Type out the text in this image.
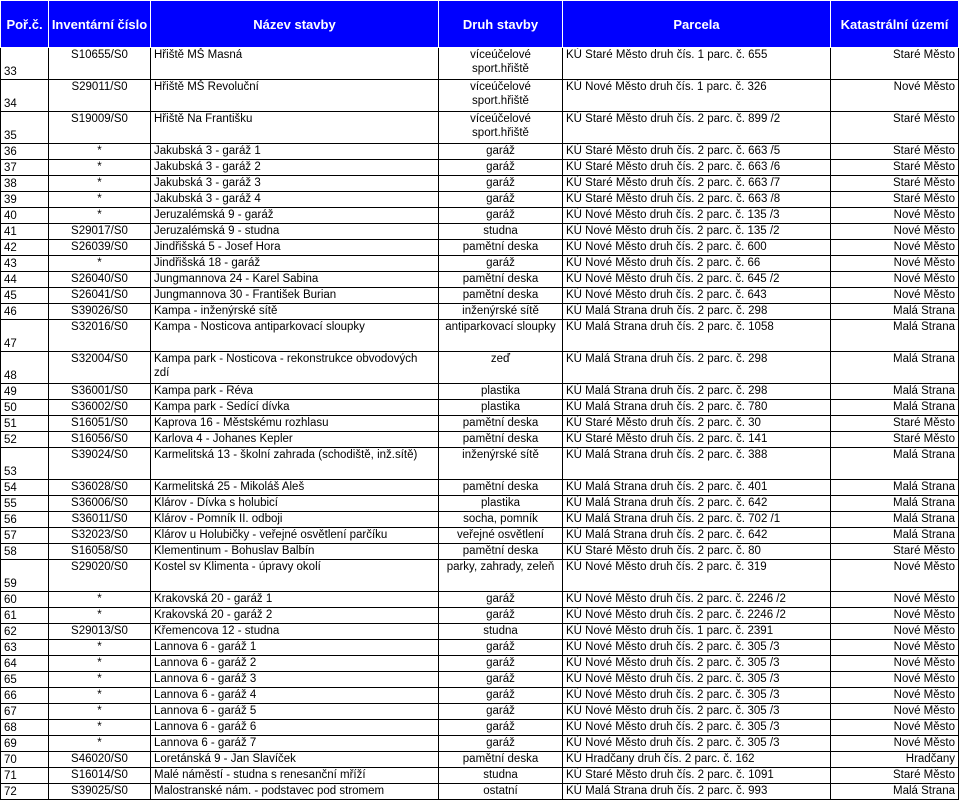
Poř.č.	Inventární číslo	Název stavby	Druh stavby	Parcela	Katastrální území
33	S10655/S0	Hřiště MŠ Masná	víceúčelové sport.hřiště	KÚ Staré Město druh čís. 1 parc. č. 655	Staré Město
34	S29011/S0	Hřiště MŠ Revoluční	víceúčelové sport.hřiště	KÚ Nové Město druh čís. 1 parc. č. 326	Nové Město
35	S19009/S0	Hřiště Na Františku	víceúčelové sport.hřiště	KÚ Staré Město druh čís. 2 parc. č. 899 /2	Staré Město
36	*	Jakubská 3 - garáž 1	garáž	KÚ Staré Město druh čís. 2 parc. č. 663 /5	Staré Město
37	*	Jakubská 3 - garáž 2	garáž	KÚ Staré Město druh čís. 2 parc. č. 663 /6	Staré Město
38	*	Jakubská 3 - garáž 3	garáž	KÚ Staré Město druh čís. 2 parc. č. 663 /7	Staré Město
39	*	Jakubská 3 - garáž 4	garáž	KÚ Staré Město druh čís. 2 parc. č. 663 /8	Staré Město
40	*	Jeruzalémská 9 - garáž	garáž	KÚ Nové Město druh čís. 2 parc. č. 135 /3	Nové Město
41	S29017/S0	Jeruzalémská 9 - studna	studna	KÚ Nové Město druh čís. 2 parc. č. 135 /2	Nové Město
42	S26039/S0	Jindřišská 5 - Josef Hora	pamětní deska	KÚ Nové Město druh čís. 2 parc. č. 600	Nové Město
43	*	Jindřišská 18 - garáž	garáž	KÚ Nové Město druh čís. 2 parc. č. 66	Nové Město
44	S26040/S0	Jungmannova 24 - Karel Sabina	pamětní deska	KÚ Nové Město druh čís. 2 parc. č. 645 /2	Nové Město
45	S26041/S0	Jungmannova 30 - František Burian	pamětní deska	KÚ Nové Město druh čís. 2 parc. č. 643	Nové Město
46	S39026/S0	Kampa - inženýrské sítě	inženýrské sítě	KÚ Malá Strana druh čís. 2 parc. č. 298	Malá Strana
47	S32016/S0	Kampa - Nosticova antiparkovací sloupky	antiparkovací sloupky	KÚ Malá Strana druh čís. 2 parc. č. 1058	Malá Strana
48	S32004/S0	Kampa park - Nosticova - rekonstrukce obvodových zdí	zeď	KÚ Malá Strana druh čís. 2 parc. č. 298	Malá Strana
49	S36001/S0	Kampa park - Réva	plastika	KÚ Malá Strana druh čís. 2 parc. č. 298	Malá Strana
50	S36002/S0	Kampa park - Sedící dívka	plastika	KÚ Malá Strana druh čís. 2 parc. č. 780	Malá Strana
51	S16051/S0	Kaprova 16 - Městskému rozhlasu	pamětní deska	KÚ Staré Město druh čís. 2 parc. č. 30	Staré Město
52	S16056/S0	Karlova 4 - Johanes Kepler	pamětní deska	KÚ Staré Město druh čís. 2 parc. č. 141	Staré Město
53	S39024/S0	Karmelitská 13 - školní zahrada (schodiště, inž.sítě)	inženýrské sítě	KÚ Malá Strana druh čís. 2 parc. č. 388	Malá Strana
54	S36028/S0	Karmelitská 25 - Mikoláš Aleš	pamětní deska	KÚ Malá Strana druh čís. 2 parc. č. 401	Malá Strana
55	S36006/S0	Klárov - Dívka s holubicí	plastika	KÚ Malá Strana druh čís. 2 parc. č. 642	Malá Strana
56	S36011/S0	Klárov - Pomník II. odboji	socha, pomník	KÚ Malá Strana druh čís. 2 parc. č. 702 /1	Malá Strana
57	S32023/S0	Klárov u Holubičky - veřejné osvětlení parčíku	veřejné osvětlení	KÚ Malá Strana druh čís. 2 parc. č. 642	Malá Strana
58	S16058/S0	Klementinum - Bohuslav Balbín	pamětní deska	KÚ Staré Město druh čís. 2 parc. č. 80	Staré Město
59	S29020/S0	Kostel sv Klimenta - úpravy okolí	parky, zahrady, zeleň	KÚ Nové Město druh čís. 2 parc. č. 319	Nové Město
60	*	Krakovská 20 - garáž 1	garáž	KÚ Nové Město druh čís. 2 parc. č. 2246 /2	Nové Město
61	*	Krakovská 20 - garáž 2	garáž	KÚ Nové Město druh čís. 2 parc. č. 2246 /2	Nové Město
62	S29013/S0	Křemencova 12 - studna	studna	KÚ Nové Město druh čís. 1 parc. č. 2391	Nové Město
63	*	Lannova 6 - garáž 1	garáž	KÚ Nové Město druh čís. 2 parc. č. 305 /3	Nové Město
64	*	Lannova 6 - garáž 2	garáž	KÚ Nové Město druh čís. 2 parc. č. 305 /3	Nové Město
65	*	Lannova 6 - garáž 3	garáž	KÚ Nové Město druh čís. 2 parc. č. 305 /3	Nové Město
66	*	Lannova 6 - garáž 4	garáž	KÚ Nové Město druh čís. 2 parc. č. 305 /3	Nové Město
67	*	Lannova 6 - garáž 5	garáž	KÚ Nové Město druh čís. 2 parc. č. 305 /3	Nové Město
68	*	Lannova 6 - garáž 6	garáž	KÚ Nové Město druh čís. 2 parc. č. 305 /3	Nové Město
69	*	Lannova 6 - garáž 7	garáž	KÚ Nové Město druh čís. 2 parc. č. 305 /3	Nové Město
70	S46020/S0	Loretánská 9 - Jan Slavíček	pamětní deska	KÚ Hradčany druh čís. 2 parc. č. 162	Hradčany
71	S16014/S0	Malé náměstí - studna s renesanční mříží	studna	KÚ Staré Město druh čís. 2 parc. č. 1091	Staré Město
72	S39025/S0	Malostranské nám. - podstavec pod stromem	ostatní	KÚ Malá Strana druh čís. 2 parc. č. 993	Malá Strana
